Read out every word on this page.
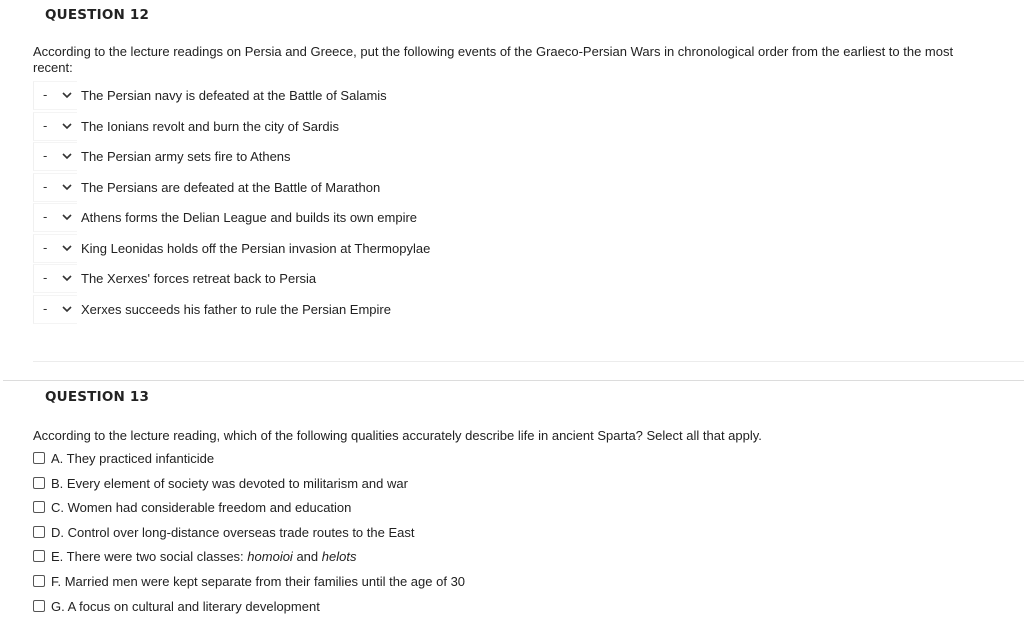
QUESTION 12
According to the lecture readings on Persia and Greece, put the following events of the Graeco-Persian Wars in chronological order from the earliest to the most recent:
-	The Persian navy is defeated at the Battle of Salamis
-	The Ionians revolt and burn the city of Sardis
-	The Persian army sets fire to Athens
-	The Persians are defeated at the Battle of Marathon
-	Athens forms the Delian League and builds its own empire
-	King Leonidas holds off the Persian invasion at Thermopylae
-	The Xerxes' forces retreat back to Persia
-	Xerxes succeeds his father to rule the Persian Empire
QUESTION 13
According to the lecture reading, which of the following qualities accurately describe life in ancient Sparta? Select all that apply.
A. They practiced infanticide
B. Every element of society was devoted to militarism and war
C. Women had considerable freedom and education
D. Control over long-distance overseas trade routes to the East
E. There were two social classes: homoioi and helots
F. Married men were kept separate from their families until the age of 30
G. A focus on cultural and literary development
